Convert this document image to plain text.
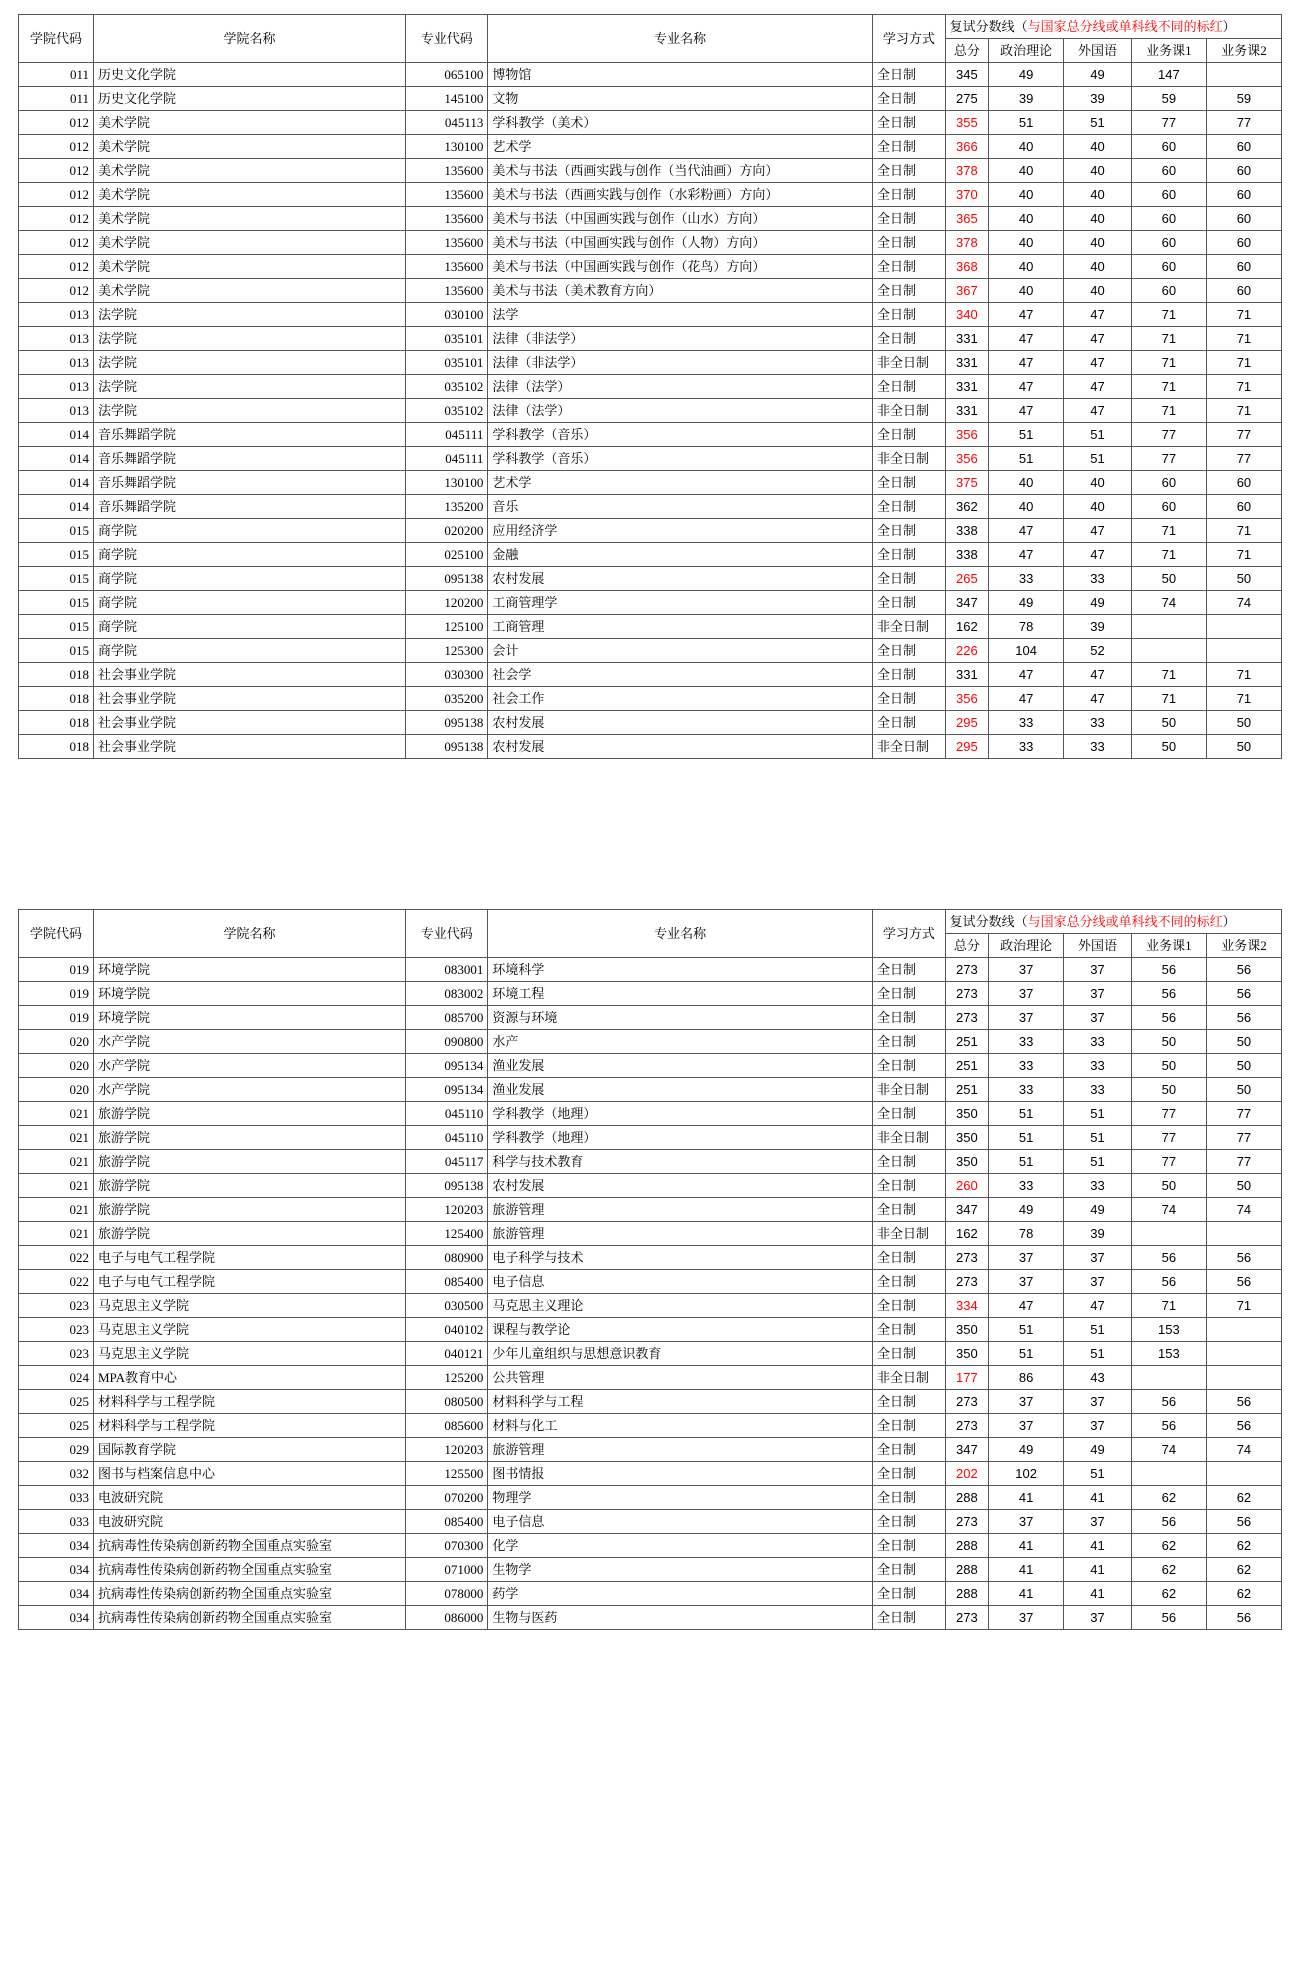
学院代码	学院名称	专业代码	专业名称	学习方式	复试分数线（与国家总分线或单科线不同的标红）				
					总分	政治理论	外国语	业务课1	业务课2
011	历史文化学院	065100	博物馆	全日制	345	49	49	147	
011	历史文化学院	145100	文物	全日制	275	39	39	59	59
012	美术学院	045113	学科教学（美术）	全日制	355	51	51	77	77
012	美术学院	130100	艺术学	全日制	366	40	40	60	60
012	美术学院	135600	美术与书法（西画实践与创作（当代油画）方向）	全日制	378	40	40	60	60
012	美术学院	135600	美术与书法（西画实践与创作（水彩粉画）方向）	全日制	370	40	40	60	60
012	美术学院	135600	美术与书法（中国画实践与创作（山水）方向）	全日制	365	40	40	60	60
012	美术学院	135600	美术与书法（中国画实践与创作（人物）方向）	全日制	378	40	40	60	60
012	美术学院	135600	美术与书法（中国画实践与创作（花鸟）方向）	全日制	368	40	40	60	60
012	美术学院	135600	美术与书法（美术教育方向）	全日制	367	40	40	60	60
013	法学院	030100	法学	全日制	340	47	47	71	71
013	法学院	035101	法律（非法学）	全日制	331	47	47	71	71
013	法学院	035101	法律（非法学）	非全日制	331	47	47	71	71
013	法学院	035102	法律（法学）	全日制	331	47	47	71	71
013	法学院	035102	法律（法学）	非全日制	331	47	47	71	71
014	音乐舞蹈学院	045111	学科教学（音乐）	全日制	356	51	51	77	77
014	音乐舞蹈学院	045111	学科教学（音乐）	非全日制	356	51	51	77	77
014	音乐舞蹈学院	130100	艺术学	全日制	375	40	40	60	60
014	音乐舞蹈学院	135200	音乐	全日制	362	40	40	60	60
015	商学院	020200	应用经济学	全日制	338	47	47	71	71
015	商学院	025100	金融	全日制	338	47	47	71	71
015	商学院	095138	农村发展	全日制	265	33	33	50	50
015	商学院	120200	工商管理学	全日制	347	49	49	74	74
015	商学院	125100	工商管理	非全日制	162	78	39		
015	商学院	125300	会计	全日制	226	104	52		
018	社会事业学院	030300	社会学	全日制	331	47	47	71	71
018	社会事业学院	035200	社会工作	全日制	356	47	47	71	71
018	社会事业学院	095138	农村发展	全日制	295	33	33	50	50
018	社会事业学院	095138	农村发展	非全日制	295	33	33	50	50
学院代码	学院名称	专业代码	专业名称	学习方式	复试分数线（与国家总分线或单科线不同的标红）				
					总分	政治理论	外国语	业务课1	业务课2
019	环境学院	083001	环境科学	全日制	273	37	37	56	56
019	环境学院	083002	环境工程	全日制	273	37	37	56	56
019	环境学院	085700	资源与环境	全日制	273	37	37	56	56
020	水产学院	090800	水产	全日制	251	33	33	50	50
020	水产学院	095134	渔业发展	全日制	251	33	33	50	50
020	水产学院	095134	渔业发展	非全日制	251	33	33	50	50
021	旅游学院	045110	学科教学（地理）	全日制	350	51	51	77	77
021	旅游学院	045110	学科教学（地理）	非全日制	350	51	51	77	77
021	旅游学院	045117	科学与技术教育	全日制	350	51	51	77	77
021	旅游学院	095138	农村发展	全日制	260	33	33	50	50
021	旅游学院	120203	旅游管理	全日制	347	49	49	74	74
021	旅游学院	125400	旅游管理	非全日制	162	78	39		
022	电子与电气工程学院	080900	电子科学与技术	全日制	273	37	37	56	56
022	电子与电气工程学院	085400	电子信息	全日制	273	37	37	56	56
023	马克思主义学院	030500	马克思主义理论	全日制	334	47	47	71	71
023	马克思主义学院	040102	课程与教学论	全日制	350	51	51	153	
023	马克思主义学院	040121	少年儿童组织与思想意识教育	全日制	350	51	51	153	
024	MPA教育中心	125200	公共管理	非全日制	177	86	43		
025	材料科学与工程学院	080500	材料科学与工程	全日制	273	37	37	56	56
025	材料科学与工程学院	085600	材料与化工	全日制	273	37	37	56	56
029	国际教育学院	120203	旅游管理	全日制	347	49	49	74	74
032	图书与档案信息中心	125500	图书情报	全日制	202	102	51		
033	电波研究院	070200	物理学	全日制	288	41	41	62	62
033	电波研究院	085400	电子信息	全日制	273	37	37	56	56
034	抗病毒性传染病创新药物全国重点实验室	070300	化学	全日制	288	41	41	62	62
034	抗病毒性传染病创新药物全国重点实验室	071000	生物学	全日制	288	41	41	62	62
034	抗病毒性传染病创新药物全国重点实验室	078000	药学	全日制	288	41	41	62	62
034	抗病毒性传染病创新药物全国重点实验室	086000	生物与医药	全日制	273	37	37	56	56
